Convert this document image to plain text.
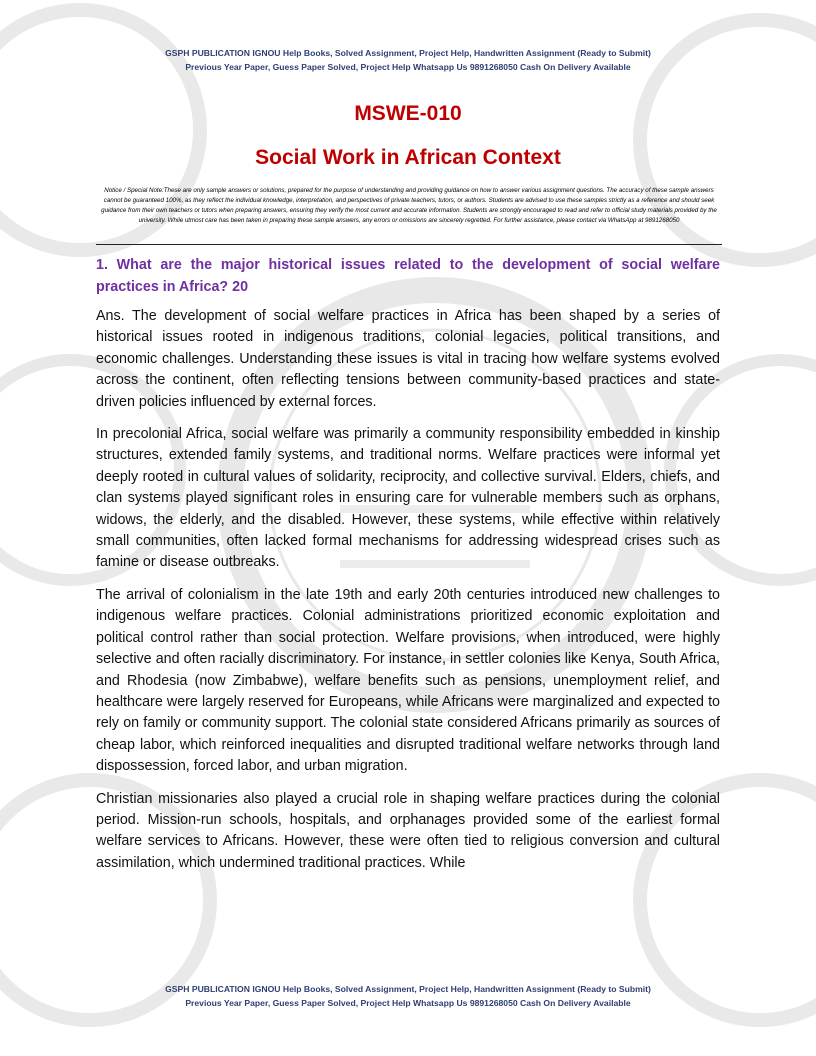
GSPH PUBLICATION IGNOU Help Books, Solved Assignment, Project Help, Handwritten Assignment (Ready to Submit)
Previous Year Paper, Guess Paper Solved, Project Help Whatsapp Us 9891268050 Cash On Delivery Available
MSWE-010
Social Work in African Context
Notice / Special Note:These are only sample answers or solutions, prepared for the purpose of understanding and providing guidance on how to answer various assignment questions. The accuracy of these sample answers cannot be guaranteed 100%, as they reflect the individual knowledge, interpretation, and perspectives of private teachers, tutors, or authors. Students are advised to use these samples strictly as a reference and should seek guidance from their own teachers or tutors when preparing answers, ensuring they verify the most current and accurate information. Students are strongly encouraged to read and refer to official study materials provided by the university. While utmost care has been taken in preparing these sample answers, any errors or omissions are sincerely regretted. For further assistance, please contact via WhatsApp at 9891268050

1. What are the major historical issues related to the development of social welfare practices in Africa? 20

Ans. The development of social welfare practices in Africa has been shaped by a series of historical issues rooted in indigenous traditions, colonial legacies, political transitions, and economic challenges. Understanding these issues is vital in tracing how welfare systems evolved across the continent, often reflecting tensions between community-based practices and state-driven policies influenced by external forces.

In precolonial Africa, social welfare was primarily a community responsibility embedded in kinship structures, extended family systems, and traditional norms. Welfare practices were informal yet deeply rooted in cultural values of solidarity, reciprocity, and collective survival. Elders, chiefs, and clan systems played significant roles in ensuring care for vulnerable members such as orphans, widows, the elderly, and the disabled. However, these systems, while effective within relatively small communities, often lacked formal mechanisms for addressing widespread crises such as famine or disease outbreaks.

The arrival of colonialism in the late 19th and early 20th centuries introduced new challenges to indigenous welfare practices. Colonial administrations prioritized economic exploitation and political control rather than social protection. Welfare provisions, when introduced, were highly selective and often racially discriminatory. For instance, in settler colonies like Kenya, South Africa, and Rhodesia (now Zimbabwe), welfare benefits such as pensions, unemployment relief, and healthcare were largely reserved for Europeans, while Africans were marginalized and expected to rely on family or community support. The colonial state considered Africans primarily as sources of cheap labor, which reinforced inequalities and disrupted traditional welfare networks through land dispossession, forced labor, and urban migration.

Christian missionaries also played a crucial role in shaping welfare practices during the colonial period. Mission-run schools, hospitals, and orphanages provided some of the earliest formal welfare services to Africans. However, these were often tied to religious conversion and cultural assimilation, which undermined traditional practices. While

GSPH PUBLICATION IGNOU Help Books, Solved Assignment, Project Help, Handwritten Assignment (Ready to Submit)
Previous Year Paper, Guess Paper Solved, Project Help Whatsapp Us 9891268050 Cash On Delivery Available
